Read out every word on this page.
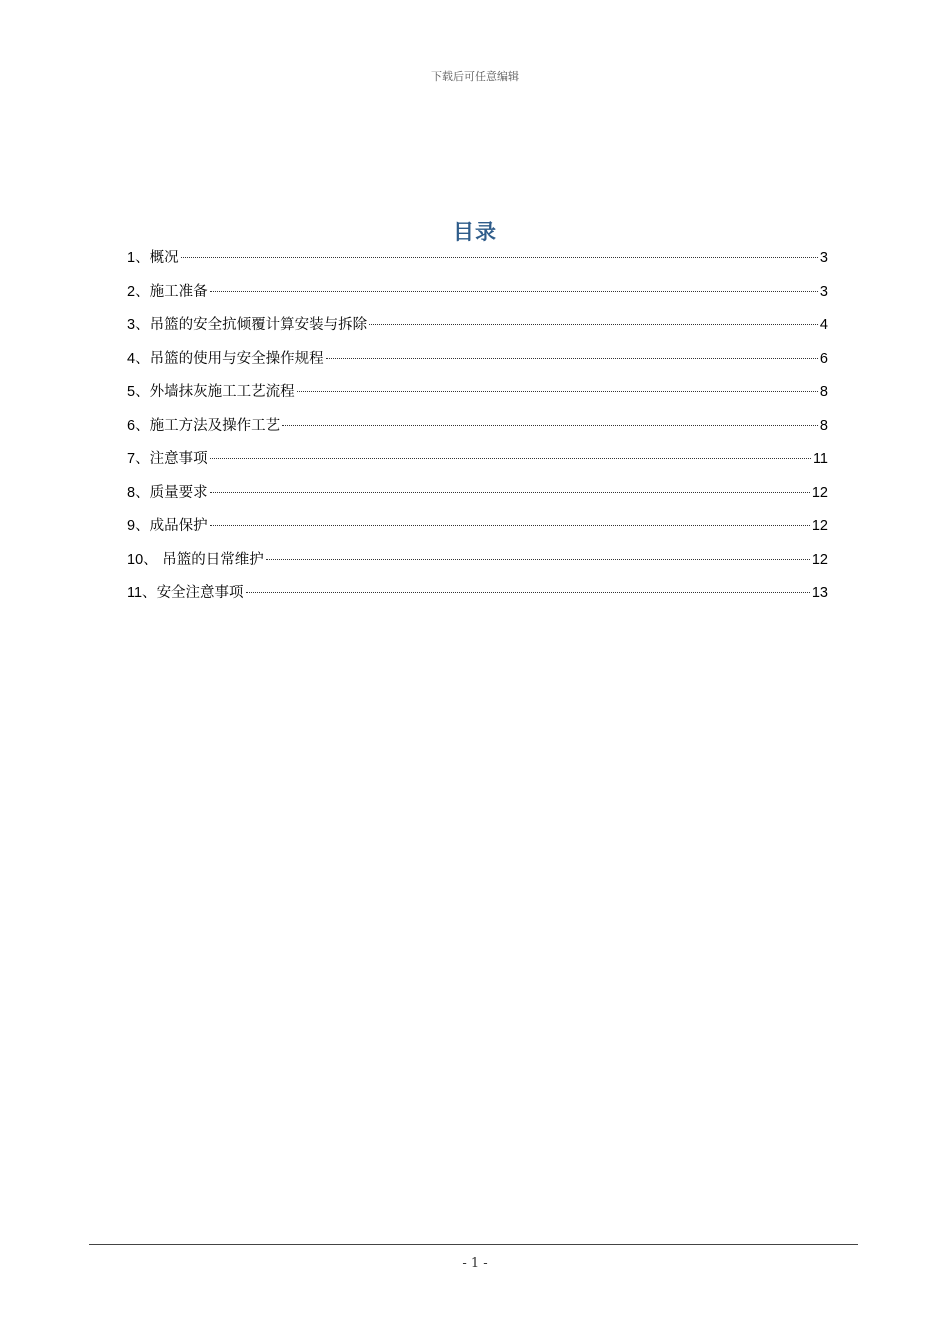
下载后可任意编辑
目录
1、 概况	3
2、 施工准备	3
3、 吊篮的安全抗倾覆计算安装与拆除	4
4、 吊篮的使用与安全操作规程	6
5、 外墙抹灰施工工艺流程	8
6、 施工方法及操作工艺	8
7、 注意事项	11
8、 质量要求	12
9、 成品保护	12
10、 吊篮的日常维护	12
11、 安全注意事项	13
- 1 -
